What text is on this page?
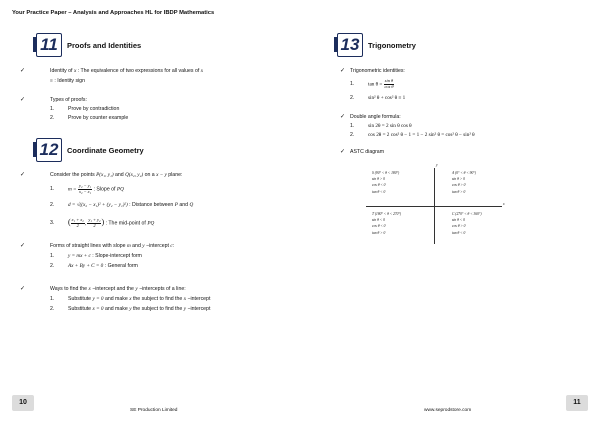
Your Practice Paper – Analysis and Approaches HL for IBDP Mathematics
11	Proofs and Identities
✓	Identity of x : The equivalence of two expressions for all values of x
≡ : Identity sign
✓	Types of proofs:
1.	Prove by contradiction
2.	Prove by counter example
12	Coordinate Geometry
✓	Consider the points P(x₁, y₁) and Q(x₂, y₂) on a x − y plane:
1.	$m = \frac{\text{y₂ − y₁}}{\text{x₂ − x₁}}$ : Slope of PQ
2.	d = √((x₂ − x₁)² + (y₂ − y₁)²) : Distance between P and Q
3. ( $\frac{\text{x₁ + x₂}}{2}$ , $\frac{\text{y₁ + y₂}}{2}$ ) : The mid-point of PQ
✓	Forms of straight lines with slope m and y −intercept c:
1.	y = mx + c : Slope-intercept form
2.	Ax + By + C = 0 : General form
✓	Ways to find the x −intercept and the y −intercepts of a line:
1.	Substitute y = 0 and make x the subject to find the x −intercept
2.	Substitute x = 0 and make y the subject to find the y −intercept
13	Trigonometry
✓ Trigonometric identities:
1.	$\tan \theta = \frac{\text{sin θ}}{\text{cos θ}}$
2.	sin² θ + cos² θ ≡ 1
✓ Double angle formula:
1.	sin 2θ = 2 sin θ cos θ
2.	cos 2θ = 2 cos² θ − 1 = 1 − 2 sin² θ = cos² θ − sin² θ
✓ ASTC diagram
x
y
S (90° < θ < 180°)
sin θ > 0
cos θ < 0
tan θ < 0
A (0° < θ < 90°)
sin θ > 0
cos θ > 0
tan θ > 0
T (180° < θ < 270°)
sin θ < 0
cos θ < 0
tan θ > 0
C (270° < θ < 360°)
sin θ < 0
cos θ > 0
tan θ < 0
10	11
SE Production Limited	www.seprodstore.com
